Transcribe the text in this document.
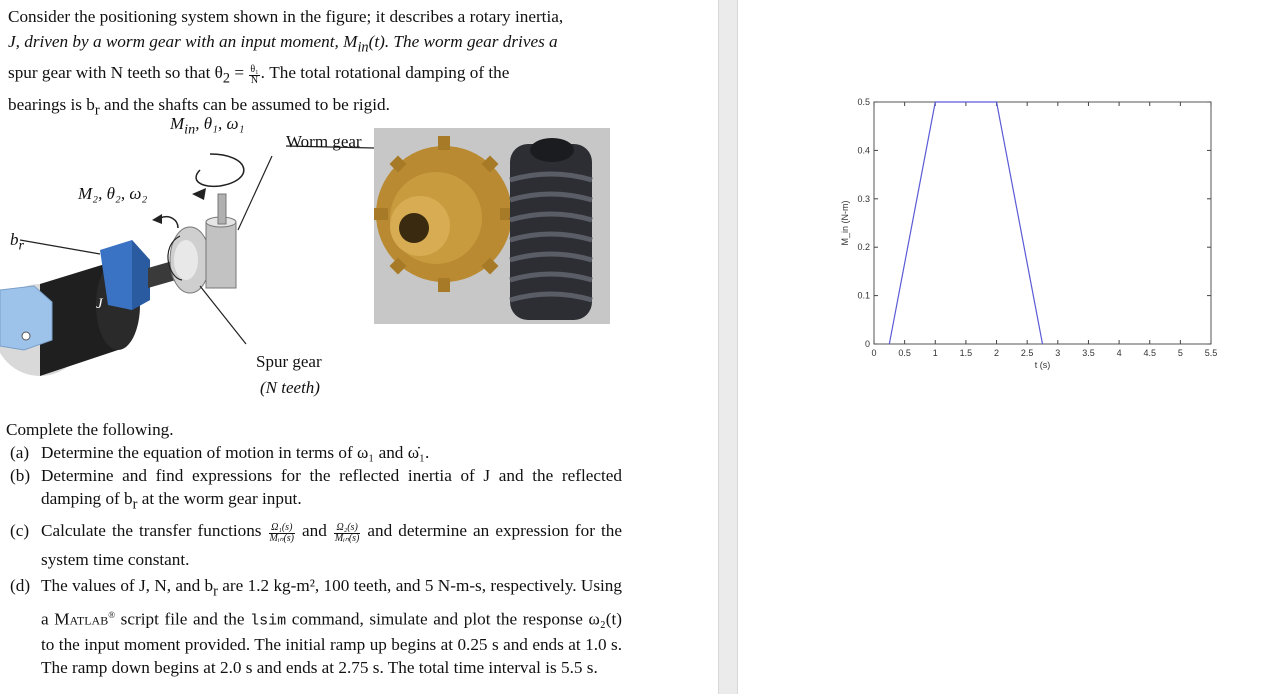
Consider the positioning system shown in the figure; it describes a rotary inertia,

J, driven by a worm gear with an input moment, $M_{in}(t)$. The worm gear drives a

spur gear with N teeth so that $\theta_2 = \frac{\text{θ₁}}{N}$ . The total rotational damping of the

bearings is $b_r$ and the shafts can be assumed to be rigid.

$M_{in}$, θ₁, ω₁
M₂, θ₂, ω₂
$b_r$
J
Worm gear
Spur gear
(N teeth)

Complete the following.

(a) Determine the equation of motion in terms of ω₁ and ω̇₁.

(b) Determine and find expressions for the reflected inertia of J and the reflected damping of $b_r$ at the worm gear input.

(c) Calculate the transfer functions $\frac{\text{Ω₁(s)}}{\text{Mᵢₙ(s)}}$ and $\frac{\text{Ω₂(s)}}{\text{Mᵢₙ(s)}}$ and determine an expression for the system time constant.

(d) The values of J, N, and $b_r$ are 1.2 kg-m², 100 teeth, and 5 N-m-s, respectively. Using a Matlab® script file and the lsim command, simulate and plot the response ω₂(t) to the input moment provided. The initial ramp up begins at 0.25 s and ends at 1.0 s. The ramp down begins at 2.0 s and ends at 2.75 s. The total time interval is 5.5 s.

0 0.5 1 1.5 2 2.5 3 3.5 4 4.5 5 5.5
0
0.1
0.2
0.3
0.4
0.5
t (s)
M_in (N-m)
